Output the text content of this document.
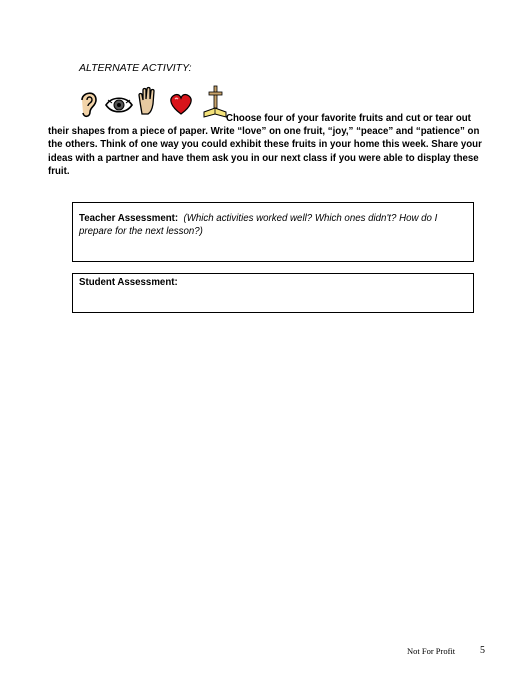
ALTERNATE ACTIVITY:

Choose four of your favorite fruits and cut or tear out their shapes from a piece of paper. Write “love” on one fruit, “joy,” “peace” and “patience” on the others. Think of one way you could exhibit these fruits in your home this week. Share your ideas with a partner and have them ask you in our next class if you were able to display these fruit.

Teacher Assessment: (Which activities worked well? Which ones didn't? How do I prepare for the next lesson?)
Student Assessment:
Not For Profit 5
